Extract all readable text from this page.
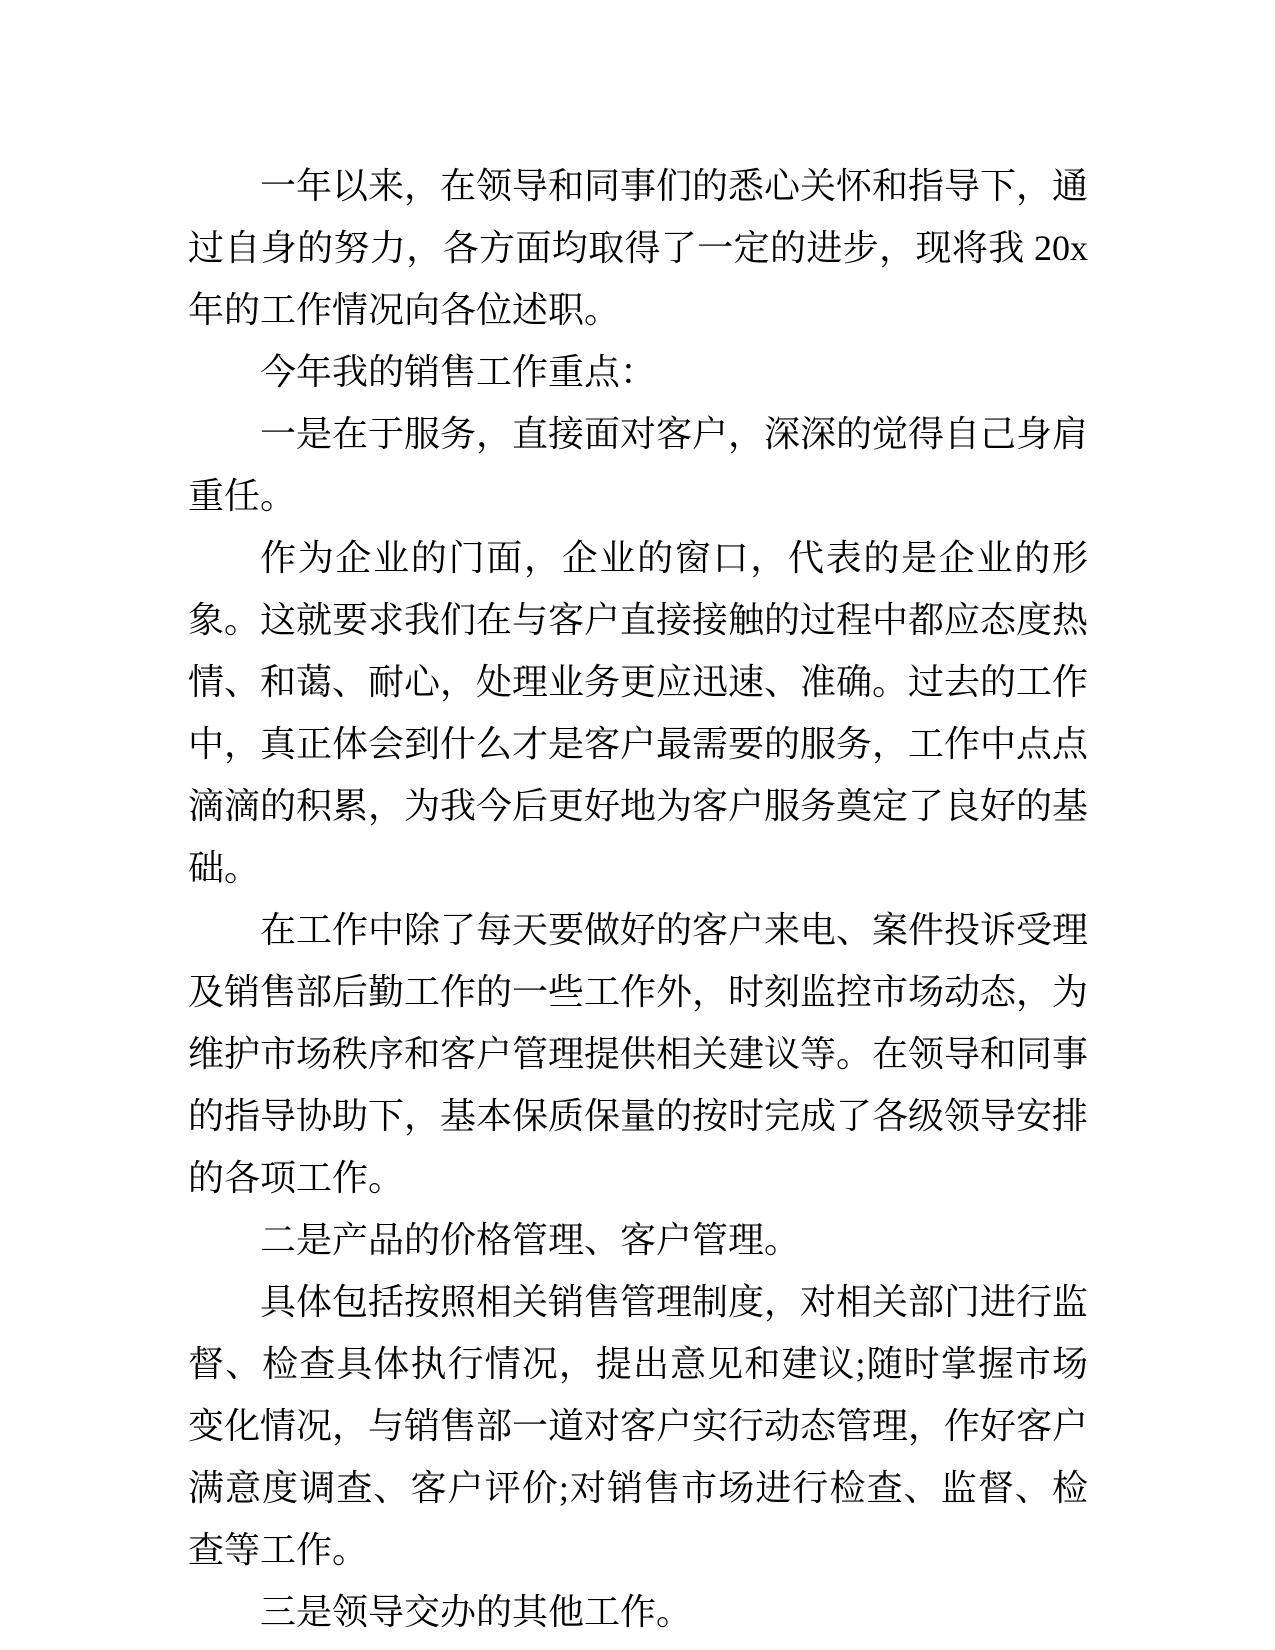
一年以来，在领导和同事们的悉心关怀和指导下，通过自身的努力，各方面均取得了一定的进步，现将我 20x 年的工作情况向各位述职。

今年我的销售工作重点：

一是在于服务，直接面对客户，深深的觉得自己身肩重任。

作为企业的门面，企业的窗口，代表的是企业的形象。这就要求我们在与客户直接接触的过程中都应态度热情、和蔼、耐心，处理业务更应迅速、准确。过去的工作中，真正体会到什么才是客户最需要的服务，工作中点点滴滴的积累，为我今后更好地为客户服务奠定了良好的基础。

在工作中除了每天要做好的客户来电、案件投诉受理及销售部后勤工作的一些工作外，时刻监控市场动态，为维护市场秩序和客户管理提供相关建议等。在领导和同事的指导协助下，基本保质保量的按时完成了各级领导安排的各项工作。

二是产品的价格管理、客户管理。

具体包括按照相关销售管理制度，对相关部门进行监督、检查具体执行情况，提出意见和建议;随时掌握市场变化情况，与销售部一道对客户实行动态管理，作好客户满意度调查、客户评价;对销售市场进行检查、监督、检查等工作。

三是领导交办的其他工作。
